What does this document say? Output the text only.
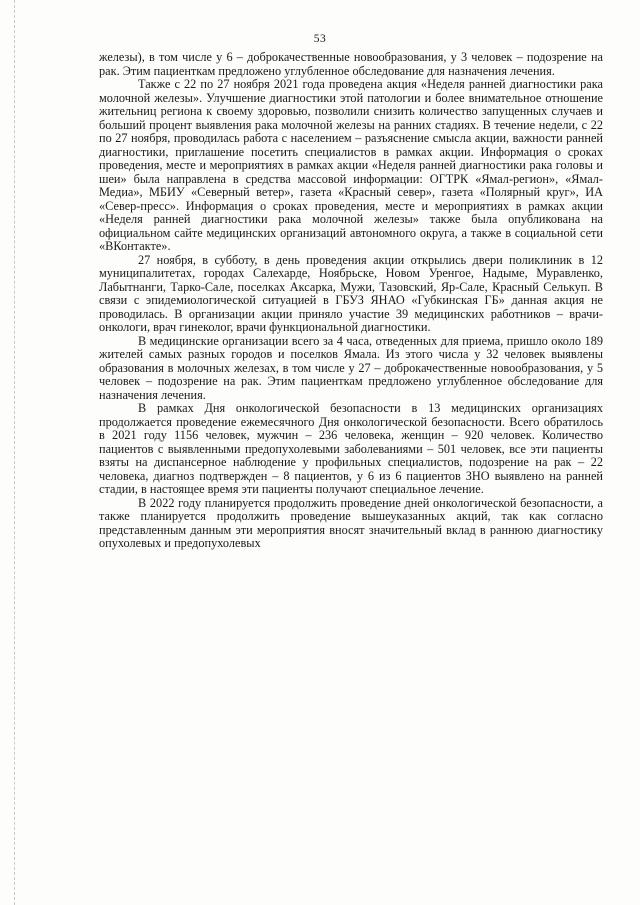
53

железы), в том числе у 6 – доброкачественные новообразования, у 3 человек – подозрение на рак. Этим пациенткам предложено углубленное обследование для назначения лечения.

Также с 22 по 27 ноября 2021 года проведена акция «Неделя ранней диагностики рака молочной железы». Улучшение диагностики этой патологии и более внимательное отношение жительниц региона к своему здоровью, позволили снизить количество запущенных случаев и больший процент выявления рака молочной железы на ранних стадиях. В течение недели, с 22 по 27 ноября, проводилась работа с населением – разъяснение смысла акции, важности ранней диагностики, приглашение посетить специалистов в рамках акции. Информация о сроках проведения, месте и мероприятиях в рамках акции «Неделя ранней диагностики рака головы и шеи» была направлена в средства массовой информации: ОГТРК «Ямал-регион», «Ямал-Медиа», МБИУ «Северный ветер», газета «Красный север», газета «Полярный круг», ИА «Север-пресс». Информация о сроках проведения, месте и мероприятиях в рамках акции «Неделя ранней диагностики рака молочной железы» также была опубликована на официальном сайте медицинских организаций автономного округа, а также в социальной сети «ВКонтакте».

27 ноября, в субботу, в день проведения акции открылись двери поликлиник в 12 муниципалитетах, городах Салехарде, Ноябрьске, Новом Уренгое, Надыме, Муравленко, Лабытнанги, Тарко-Сале, поселках Аксарка, Мужи, Тазовский, Яр-Сале, Красный Селькуп. В связи с эпидемиологической ситуацией в ГБУЗ ЯНАО «Губкинская ГБ» данная акция не проводилась. В организации акции приняло участие 39 медицинских работников – врачи-онкологи, врач гинеколог, врачи функциональной диагностики.

В медицинские организации всего за 4 часа, отведенных для приема, пришло около 189 жителей самых разных городов и поселков Ямала. Из этого числа у 32 человек выявлены образования в молочных железах, в том числе у 27 – доброкачественные новообразования, у 5 человек – подозрение на рак. Этим пациенткам предложено углубленное обследование для назначения лечения.

В рамках Дня онкологической безопасности в 13 медицинских организациях продолжается проведение ежемесячного Дня онкологической безопасности. Всего обратилось в 2021 году 1156 человек, мужчин – 236 человека, женщин – 920 человек. Количество пациентов с выявленными предопухолевыми заболеваниями – 501 человек, все эти пациенты взяты на диспансерное наблюдение у профильных специалистов, подозрение на рак – 22 человека, диагноз подтвержден – 8 пациентов, у 6 из 6 пациентов ЗНО выявлено на ранней стадии, в настоящее время эти пациенты получают специальное лечение.

В 2022 году планируется продолжить проведение дней онкологической безопасности, а также планируется продолжить проведение вышеуказанных акций, так как согласно представленным данным эти мероприятия вносят значительный вклад в раннюю диагностику опухолевых и предопухолевых
